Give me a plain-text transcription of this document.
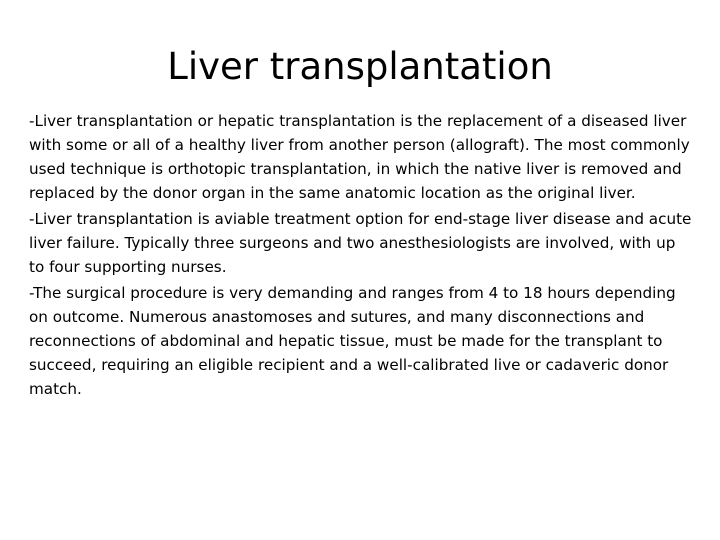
Liver transplantation

-Liver transplantation or hepatic transplantation is the replacement of a diseased liver with some or all of a healthy liver from another person (allograft). The most commonly used technique is orthotopic transplantation, in which the native liver is removed and replaced by the donor organ in the same anatomic location as the original liver.

-Liver transplantation is aviable treatment option for end-stage liver disease and acute liver failure. Typically three surgeons and two anesthesiologists are involved, with up to four supporting nurses.

-The surgical procedure is very demanding and ranges from 4 to 18 hours depending on outcome. Numerous anastomoses and sutures, and many disconnections and reconnections of abdominal and hepatic tissue, must be made for the transplant to succeed, requiring an eligible recipient and a well-calibrated live or cadaveric donor match.
